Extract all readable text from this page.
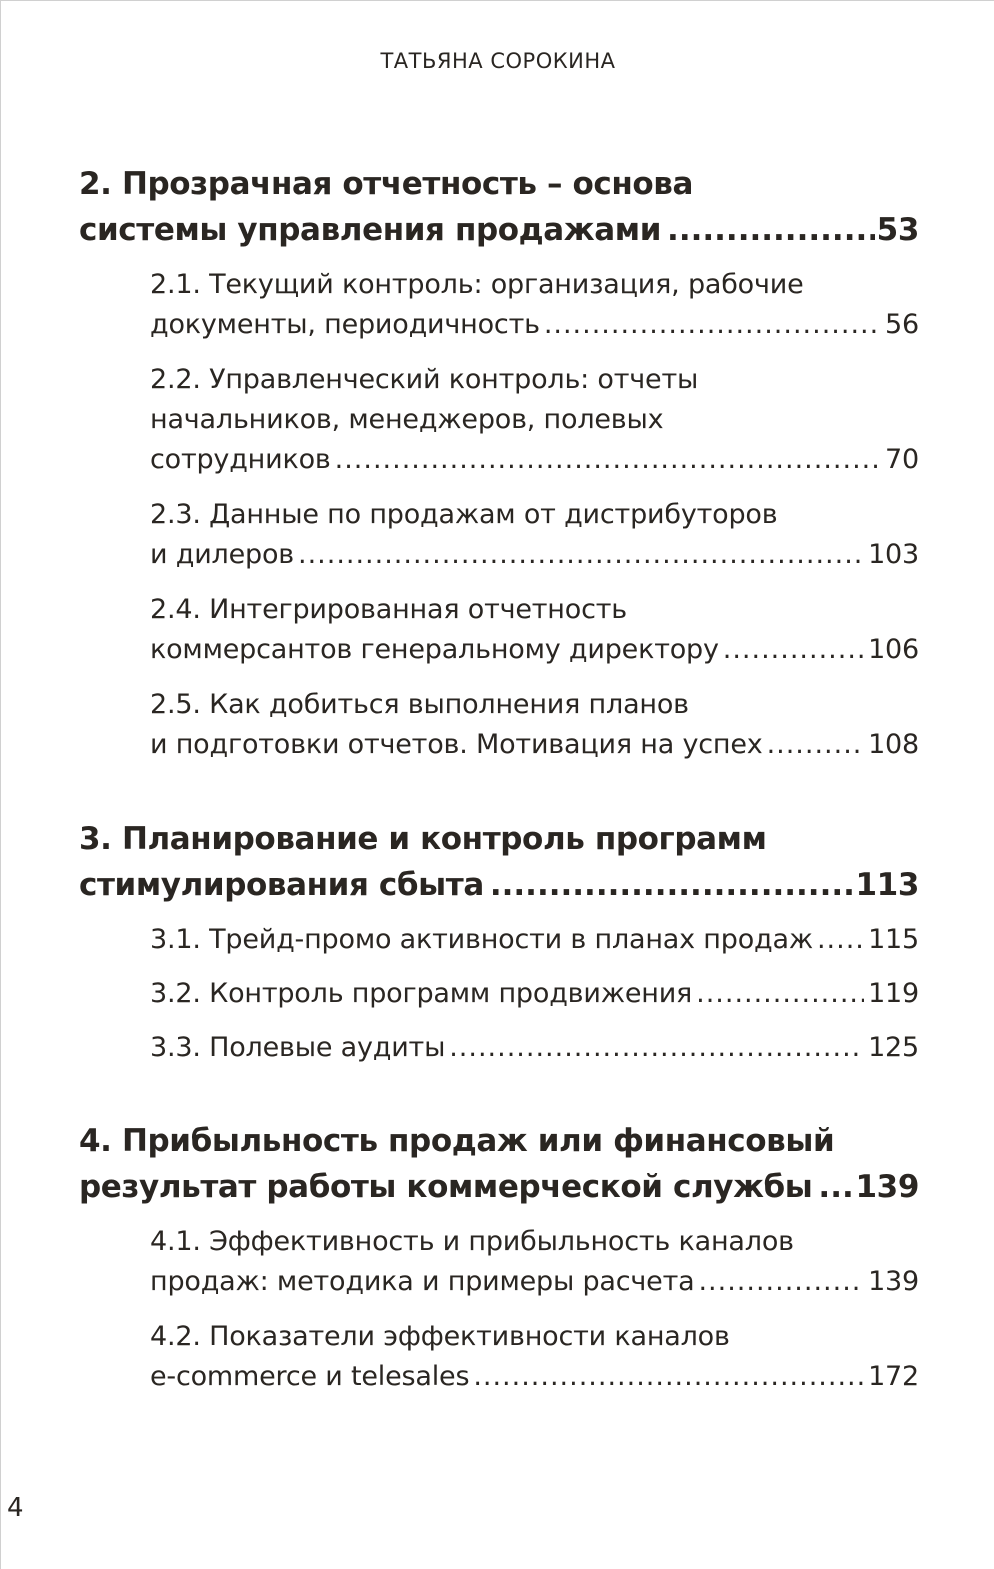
ТАТЬЯНА СОРОКИНА
2. Прозрачная отчетность – основа
системы управления продажами .....	53
2.1. Текущий контроль: организация, рабочие
документы, периодичность .....	56
2.2. Управленческий контроль: отчеты
начальников, менеджеров, полевых
сотрудников .....	70
2.3. Данные по продажам от дистрибуторов
и дилеров .....	103
2.4. Интегрированная отчетность
коммерсантов генеральному директору .....	106
2.5. Как добиться выполнения планов
и подготовки отчетов. Мотивация на успех .....	108
3. Планирование и контроль программ
стимулирования сбыта .....	113
3.1. Трейд-промо активности в планах продаж ..... 115
3.2. Контроль программ продвижения .....	119
3.3. Полевые аудиты .....	125
4. Прибыльность продаж или финансовый
результат работы коммерческой службы ..... 139
4.1. Эффективность и прибыльность каналов
продаж: методика и примеры расчета .....	139
4.2. Показатели эффективности каналов
e-commerce и telesales .....	172
4
